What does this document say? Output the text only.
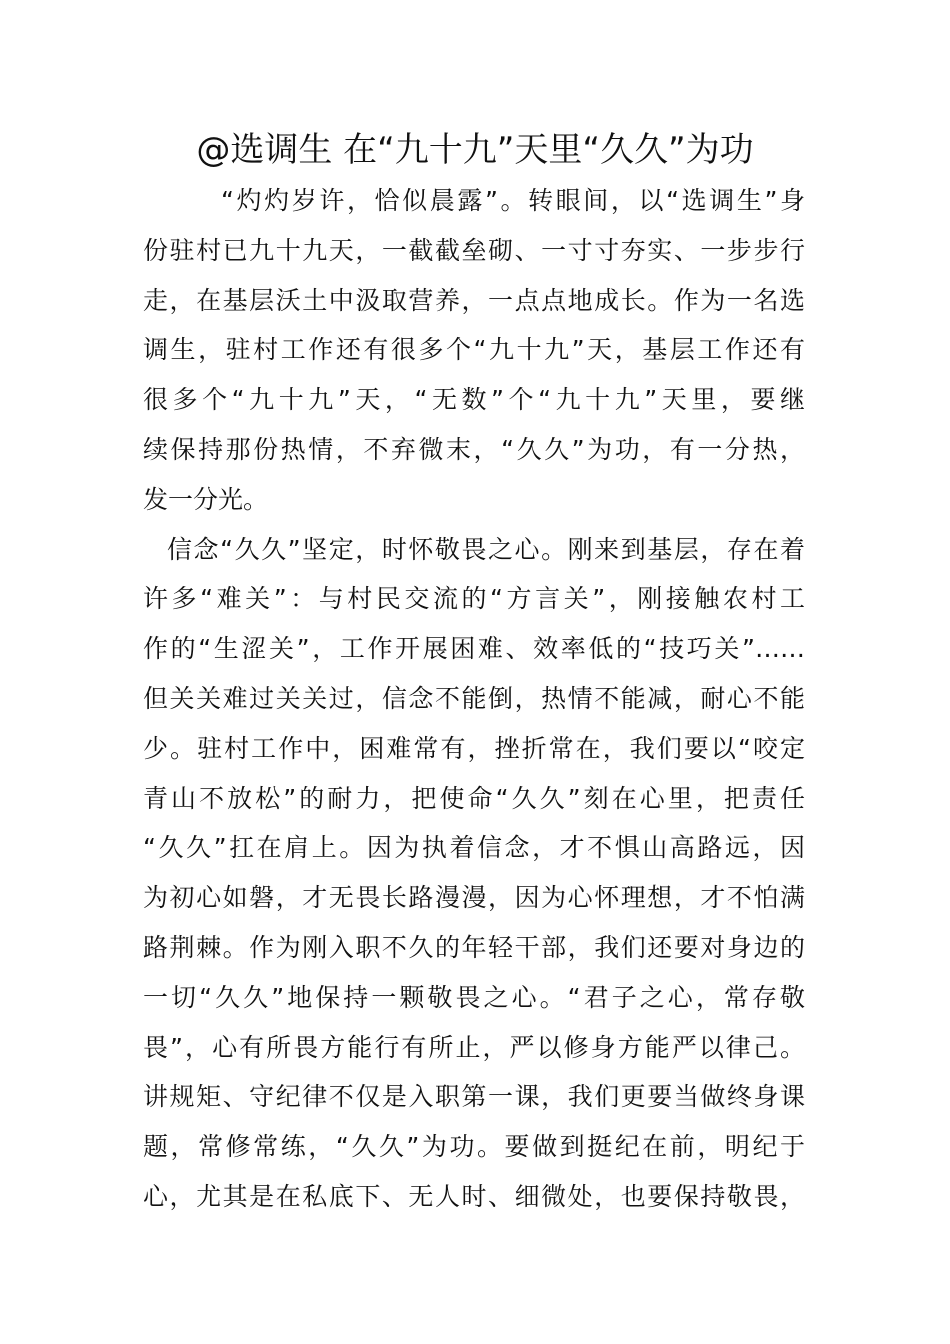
@选调生 在“九十九”天里“久久”为功
“灼灼岁许，恰似晨露”。转眼间，以“选调生”身
份驻村已九十九天，一截截垒砌、一寸寸夯实、一步步行
走，在基层沃土中汲取营养，一点点地成长。作为一名选
调生，驻村工作还有很多个“九十九”天，基层工作还有
很多个“九十九”天，“无数”个“九十九”天里，要继
续保持那份热情，不弃微末，“久久”为功，有一分热，
发一分光。
信念“久久”坚定，时怀敬畏之心。刚来到基层，存在着
许多“难关”：与村民交流的“方言关”，刚接触农村工
作的“生涩关”，工作开展困难、效率低的“技巧关”……
但关关难过关关过，信念不能倒，热情不能减，耐心不能
少。驻村工作中，困难常有，挫折常在，我们要以“咬定
青山不放松”的耐力，把使命“久久”刻在心里，把责任
“久久”扛在肩上。因为执着信念，才不惧山高路远，因
为初心如磐，才无畏长路漫漫，因为心怀理想，才不怕满
路荆棘。作为刚入职不久的年轻干部，我们还要对身边的
一切“久久”地保持一颗敬畏之心。“君子之心，常存敬
畏”，心有所畏方能行有所止，严以修身方能严以律己。
讲规矩、守纪律不仅是入职第一课，我们更要当做终身课
题，常修常练，“久久”为功。要做到挺纪在前，明纪于
心，尤其是在私底下、无人时、细微处，也要保持敬畏，
